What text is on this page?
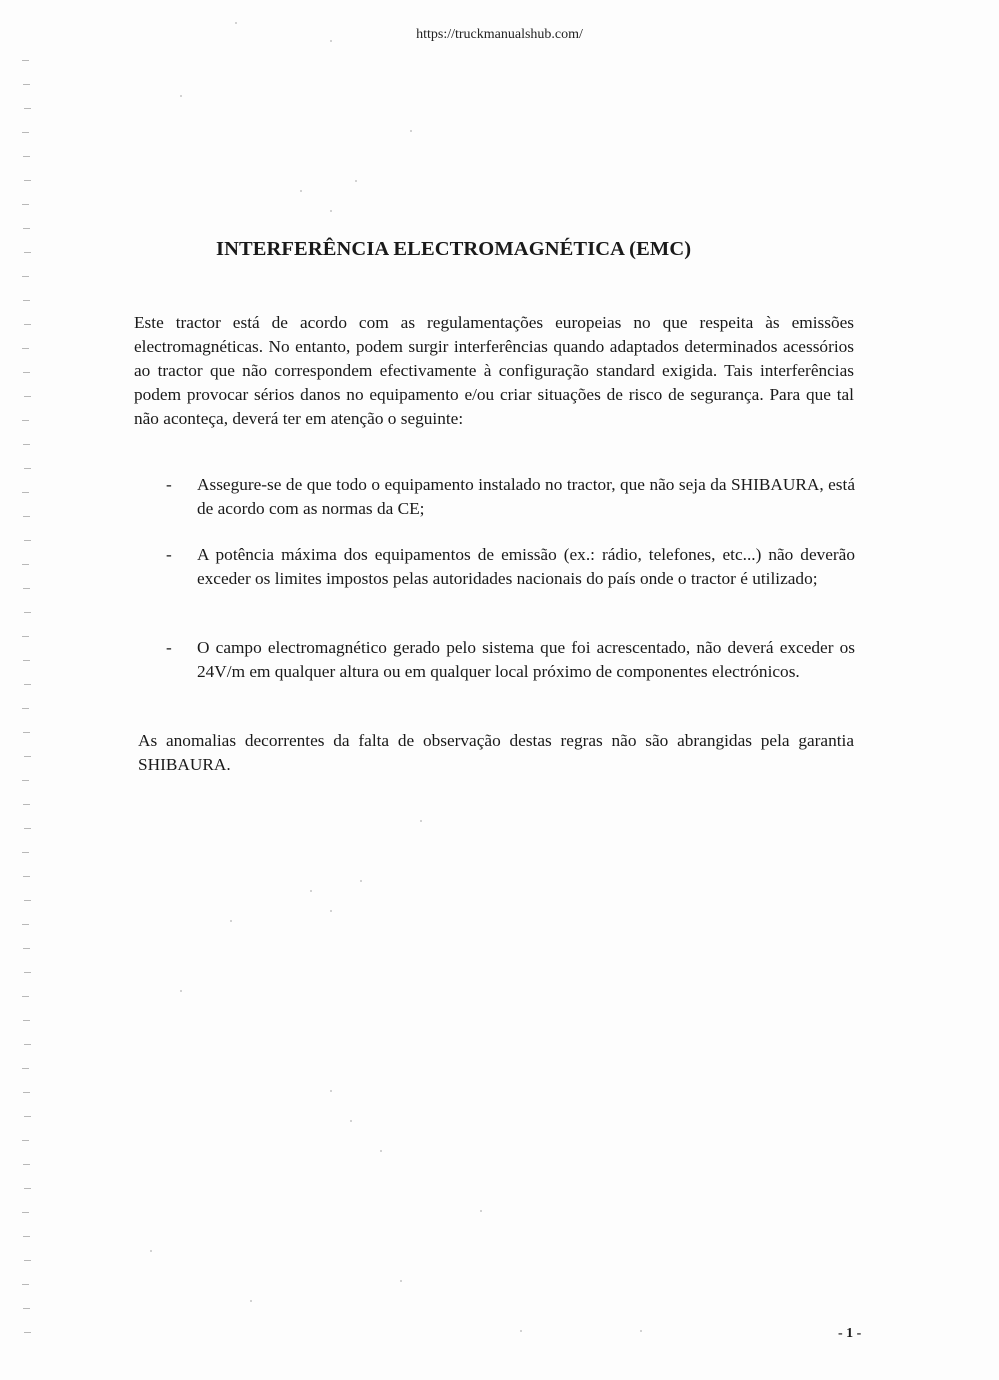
https://truckmanualshub.com/
INTERFERÊNCIA ELECTROMAGNÉTICA (EMC)

Este tractor está de acordo com as regulamentações europeias no que respeita às emissões electromagnéticas. No entanto, podem surgir interferências quando adaptados determinados acessórios ao tractor que não correspondem efectivamente à configuração standard exigida. Tais interferências podem provocar sérios danos no equipamento e/ou criar situações de risco de segurança. Para que tal não aconteça, deverá ter em atenção o seguinte:

- Assegure-se de que todo o equipamento instalado no tractor, que não seja da SHIBAURA, está de acordo com as normas da CE;
- A potência máxima dos equipamentos de emissão (ex.: rádio, telefones, etc...) não deverão exceder os limites impostos pelas autoridades nacionais do país onde o tractor é utilizado;
- O campo electromagnético gerado pelo sistema que foi acrescentado, não deverá exceder os 24V/m em qualquer altura ou em qualquer local próximo de componentes electrónicos.

As anomalias decorrentes da falta de observação destas regras não são abrangidas pela garantia SHIBAURA.

- 1 -
